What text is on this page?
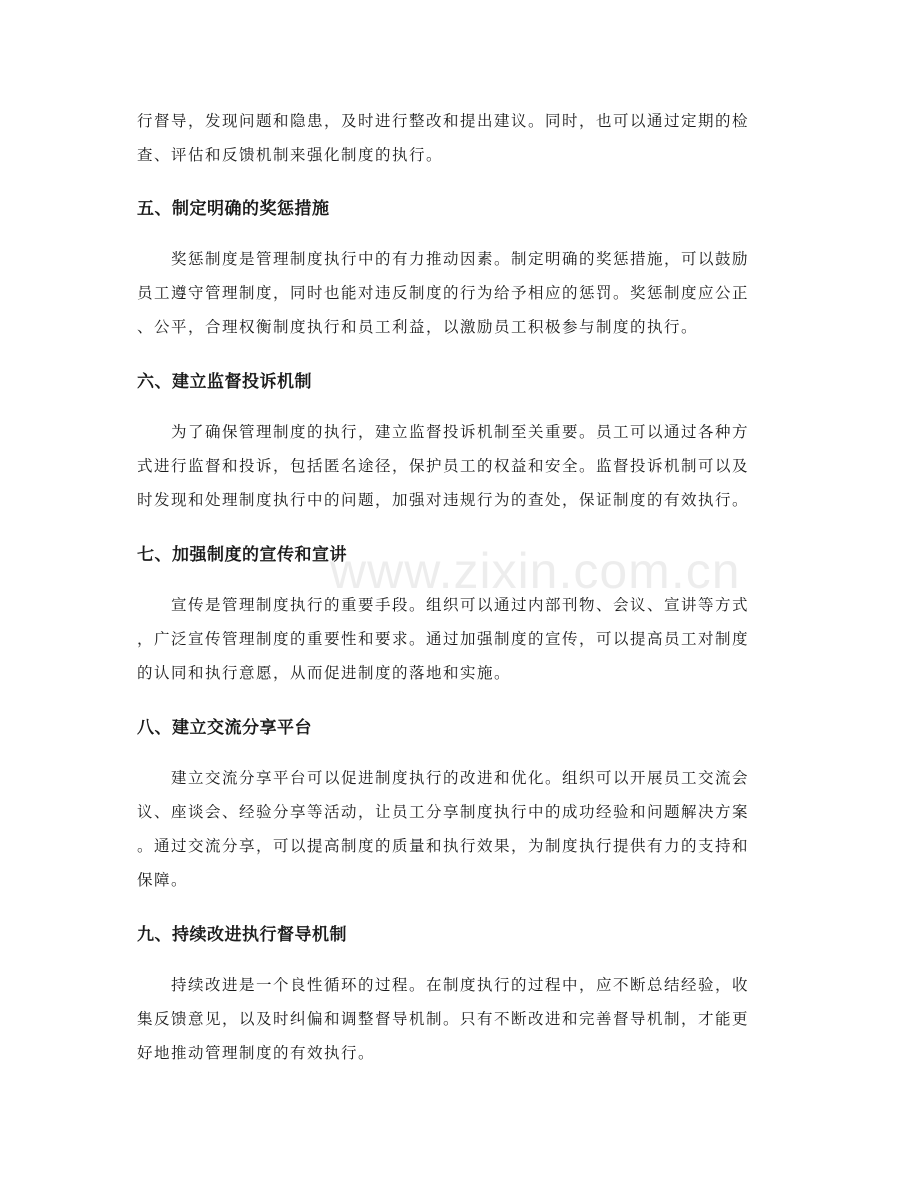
行督导，发现问题和隐患，及时进行整改和提出建议。同时，也可以通过定期的检
查、评估和反馈机制来强化制度的执行。

五、制定明确的奖惩措施

　　奖惩制度是管理制度执行中的有力推动因素。制定明确的奖惩措施，可以鼓励
员工遵守管理制度，同时也能对违反制度的行为给予相应的惩罚。奖惩制度应公正
、公平，合理权衡制度执行和员工利益，以激励员工积极参与制度的执行。

六、建立监督投诉机制

　　为了确保管理制度的执行，建立监督投诉机制至关重要。员工可以通过各种方
式进行监督和投诉，包括匿名途径，保护员工的权益和安全。监督投诉机制可以及
时发现和处理制度执行中的问题，加强对违规行为的查处，保证制度的有效执行。

七、加强制度的宣传和宣讲

　　宣传是管理制度执行的重要手段。组织可以通过内部刊物、会议、宣讲等方式
，广泛宣传管理制度的重要性和要求。通过加强制度的宣传，可以提高员工对制度
的认同和执行意愿，从而促进制度的落地和实施。

八、建立交流分享平台

　　建立交流分享平台可以促进制度执行的改进和优化。组织可以开展员工交流会
议、座谈会、经验分享等活动，让员工分享制度执行中的成功经验和问题解决方案
。通过交流分享，可以提高制度的质量和执行效果，为制度执行提供有力的支持和
保障。

九、持续改进执行督导机制

　　持续改进是一个良性循环的过程。在制度执行的过程中，应不断总结经验，收
集反馈意见，以及时纠偏和调整督导机制。只有不断改进和完善督导机制，才能更
好地推动管理制度的有效执行。

www.zixin.com.cn
